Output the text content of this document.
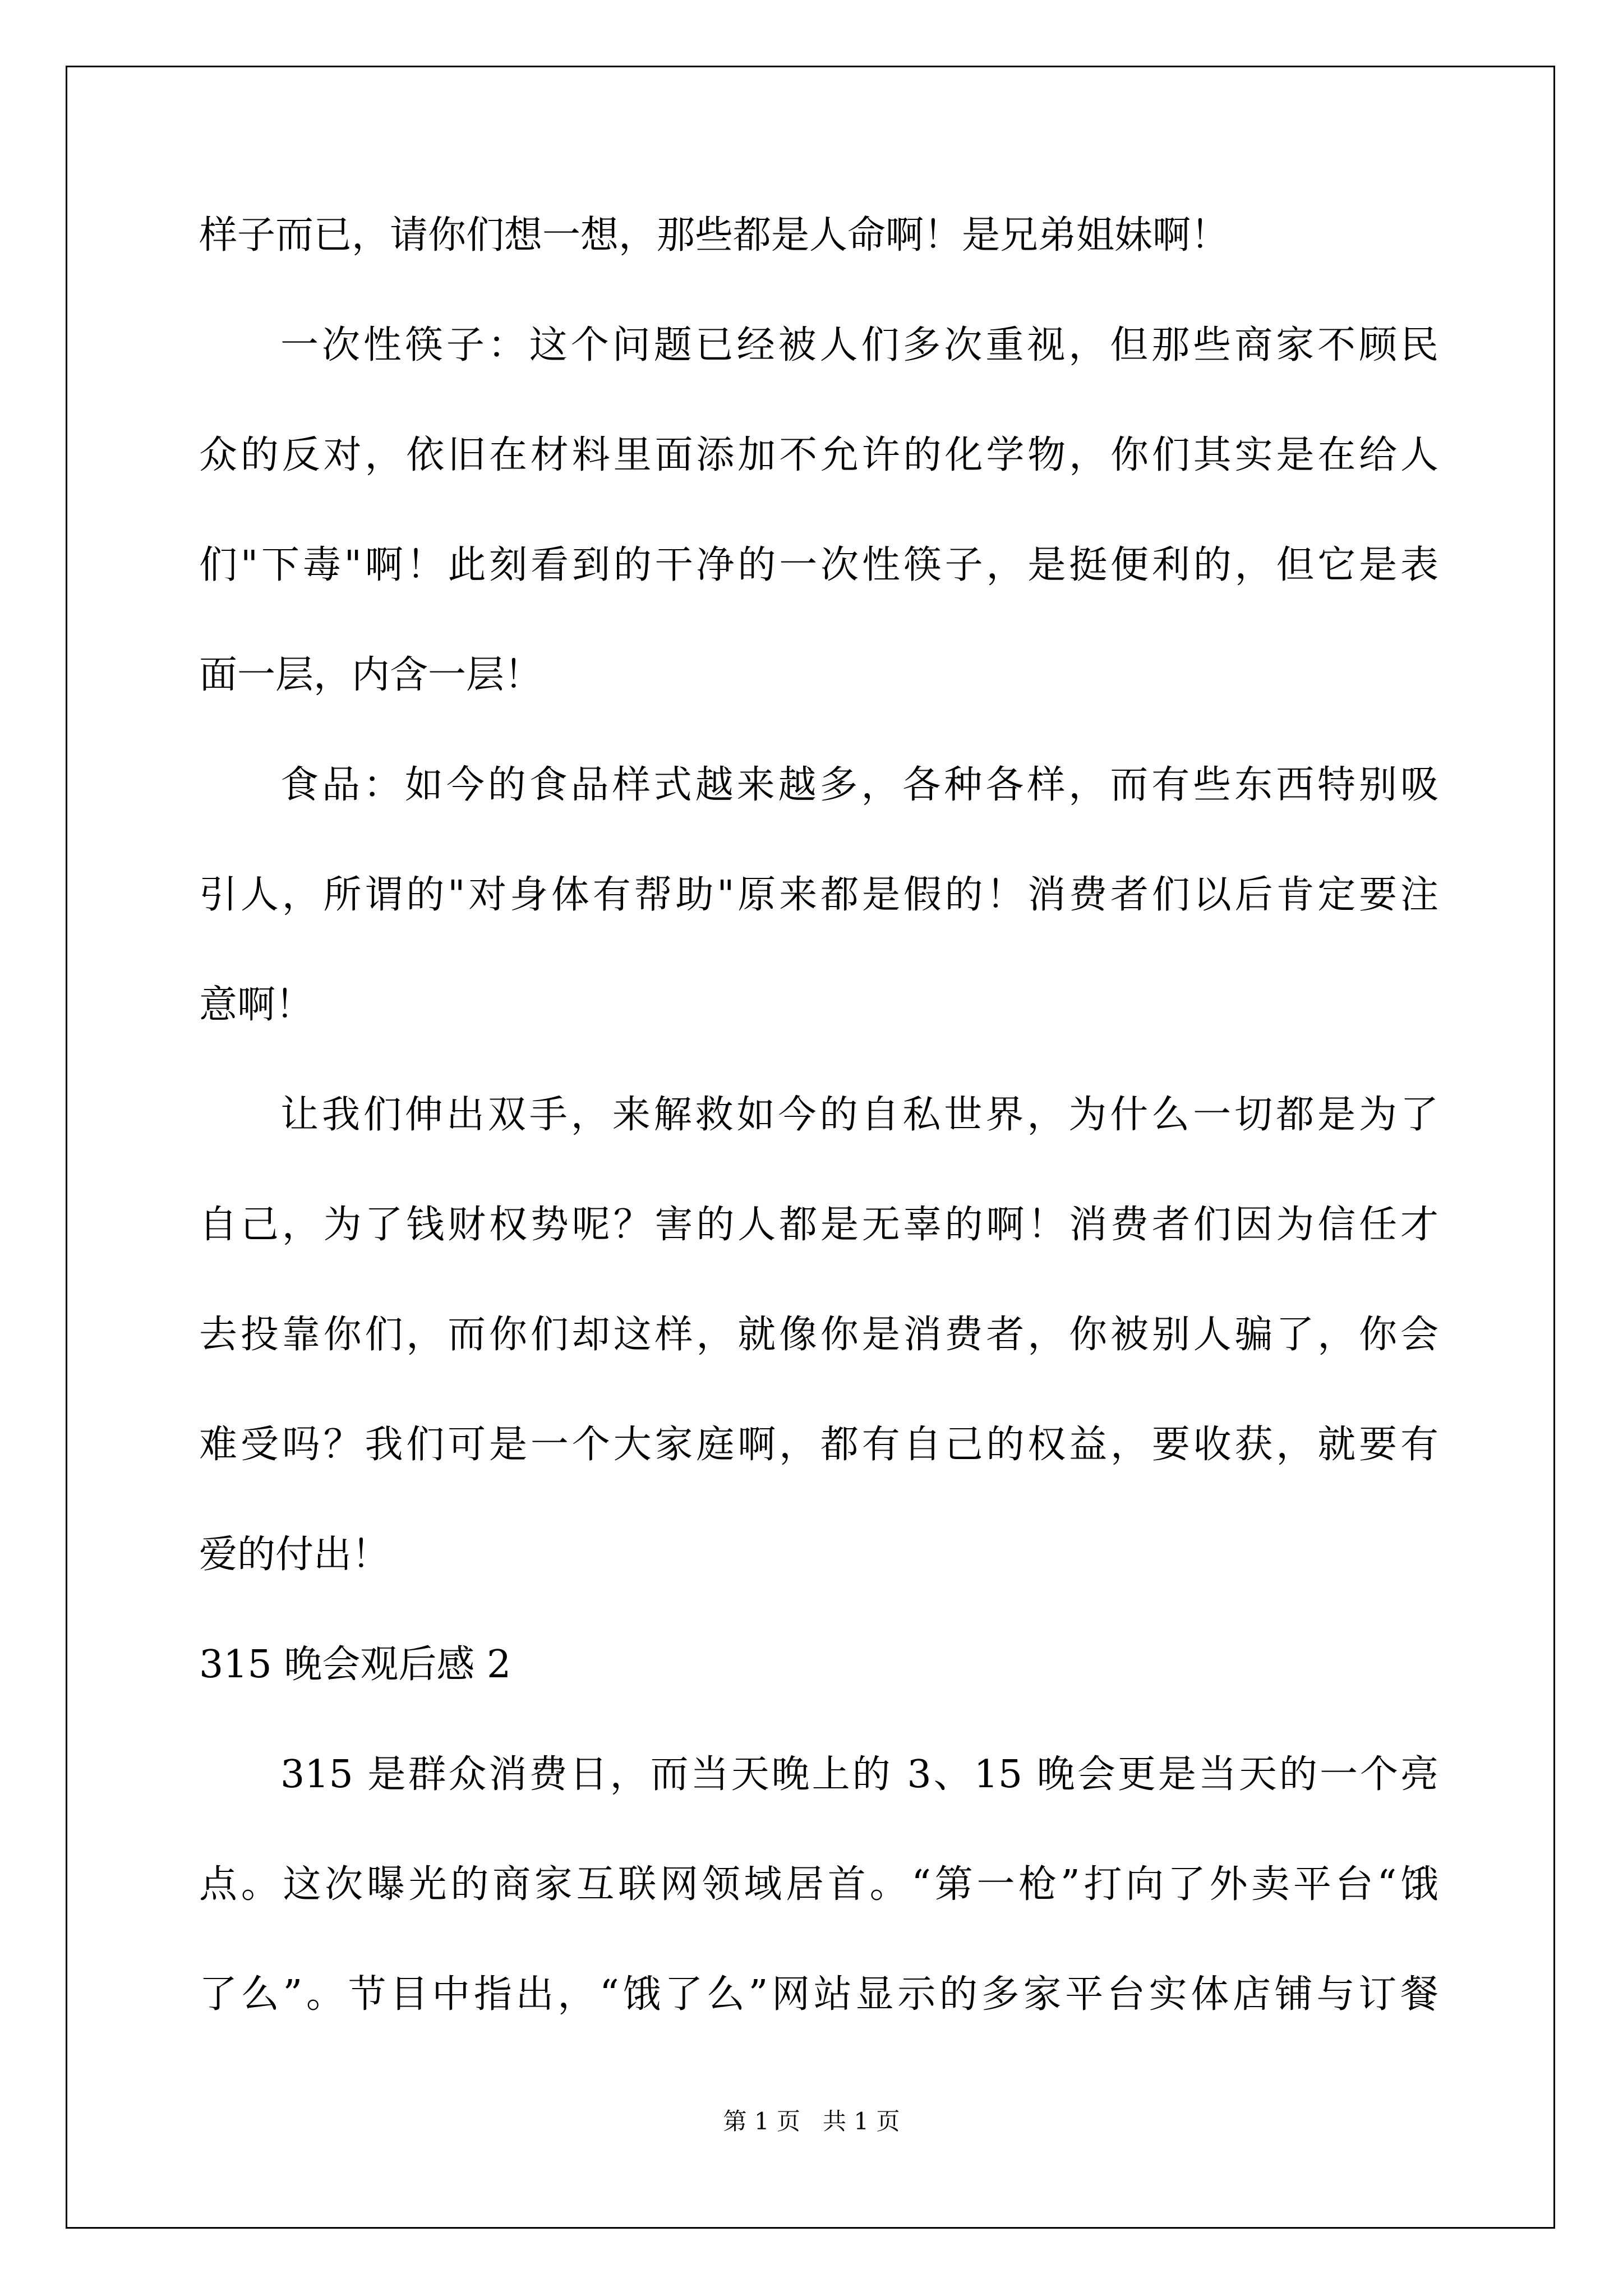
样子而已，请你们想一想，那些都是人命啊！是兄弟姐妹啊！
一次性筷子：这个问题已经被人们多次重视，但那些商家不顾民
众的反对，依旧在材料里面添加不允许的化学物，你们其实是在给人
们"下毒"啊！此刻看到的干净的一次性筷子，是挺便利的，但它是表
面一层，内含一层！
食品：如今的食品样式越来越多，各种各样，而有些东西特别吸
引人，所谓的"对身体有帮助"原来都是假的！消费者们以后肯定要注
意啊！
让我们伸出双手，来解救如今的自私世界，为什么一切都是为了
自己，为了钱财权势呢？害的人都是无辜的啊！消费者们因为信任才
去投靠你们，而你们却这样，就像你是消费者，你被别人骗了，你会
难受吗？我们可是一个大家庭啊，都有自己的权益，要收获，就要有
爱的付出！
315 晚会观后感 2
315 是群众消费日，而当天晚上的 3、15 晚会更是当天的一个亮
点。这次曝光的商家互联网领域居首。“第一枪”打向了外卖平台“饿
了么”。节目中指出，“饿了么”网站显示的多家平台实体店铺与订餐
第 1 页   共 1 页
